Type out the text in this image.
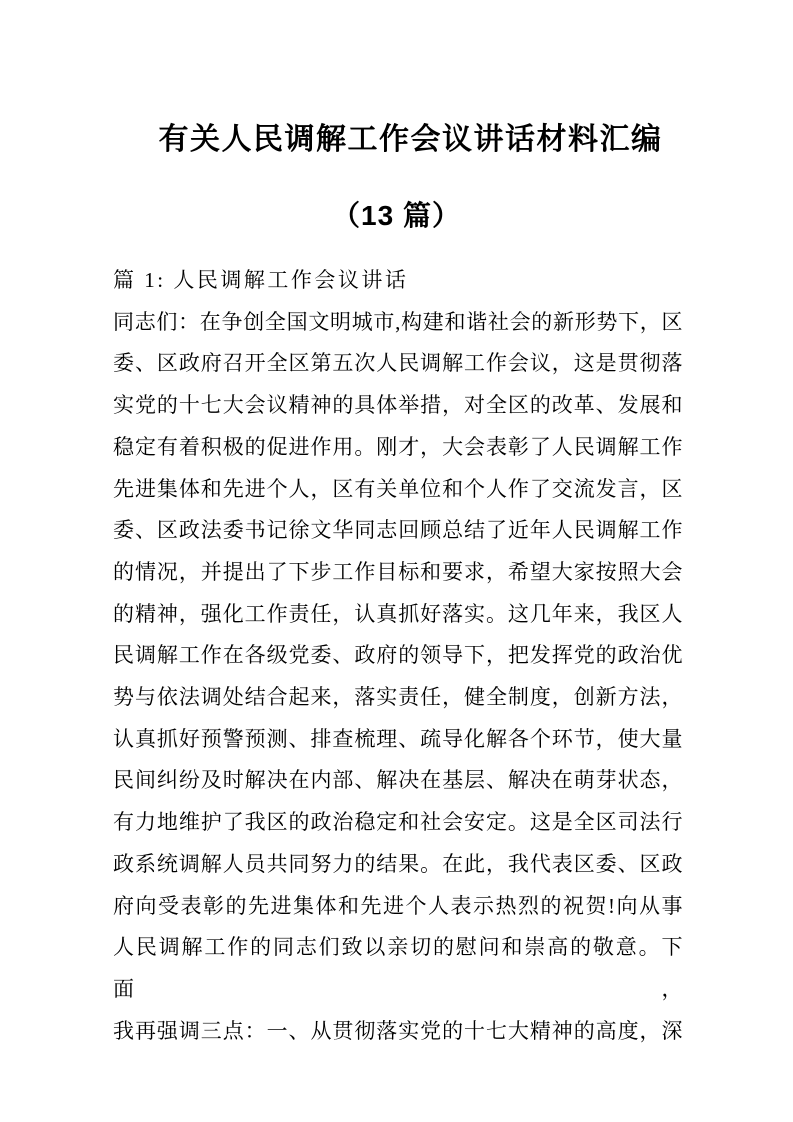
有关人民调解工作会议讲话材料汇编
（13 篇）
篇 1: 人民调解工作会议讲话
同志们：在争创全国文明城市,构建和谐社会的新形势下，区
委、区政府召开全区第五次人民调解工作会议，这是贯彻落
实党的十七大会议精神的具体举措，对全区的改革、发展和
稳定有着积极的促进作用。刚才，大会表彰了人民调解工作
先进集体和先进个人，区有关单位和个人作了交流发言，区
委、区政法委书记徐文华同志回顾总结了近年人民调解工作
的情况，并提出了下步工作目标和要求，希望大家按照大会
的精神，强化工作责任，认真抓好落实。这几年来，我区人
民调解工作在各级党委、政府的领导下，把发挥党的政治优
势与依法调处结合起来，落实责任，健全制度，创新方法，
认真抓好预警预测、排查梳理、疏导化解各个环节，使大量
民间纠纷及时解决在内部、解决在基层、解决在萌芽状态，
有力地维护了我区的政治稳定和社会安定。这是全区司法行
政系统调解人员共同努力的结果。在此，我代表区委、区政
府向受表彰的先进集体和先进个人表示热烈的祝贺!向从事
人民调解工作的同志们致以亲切的慰问和崇高的敬意。下面，
我再强调三点：一、从贯彻落实党的十七大精神的高度，深
